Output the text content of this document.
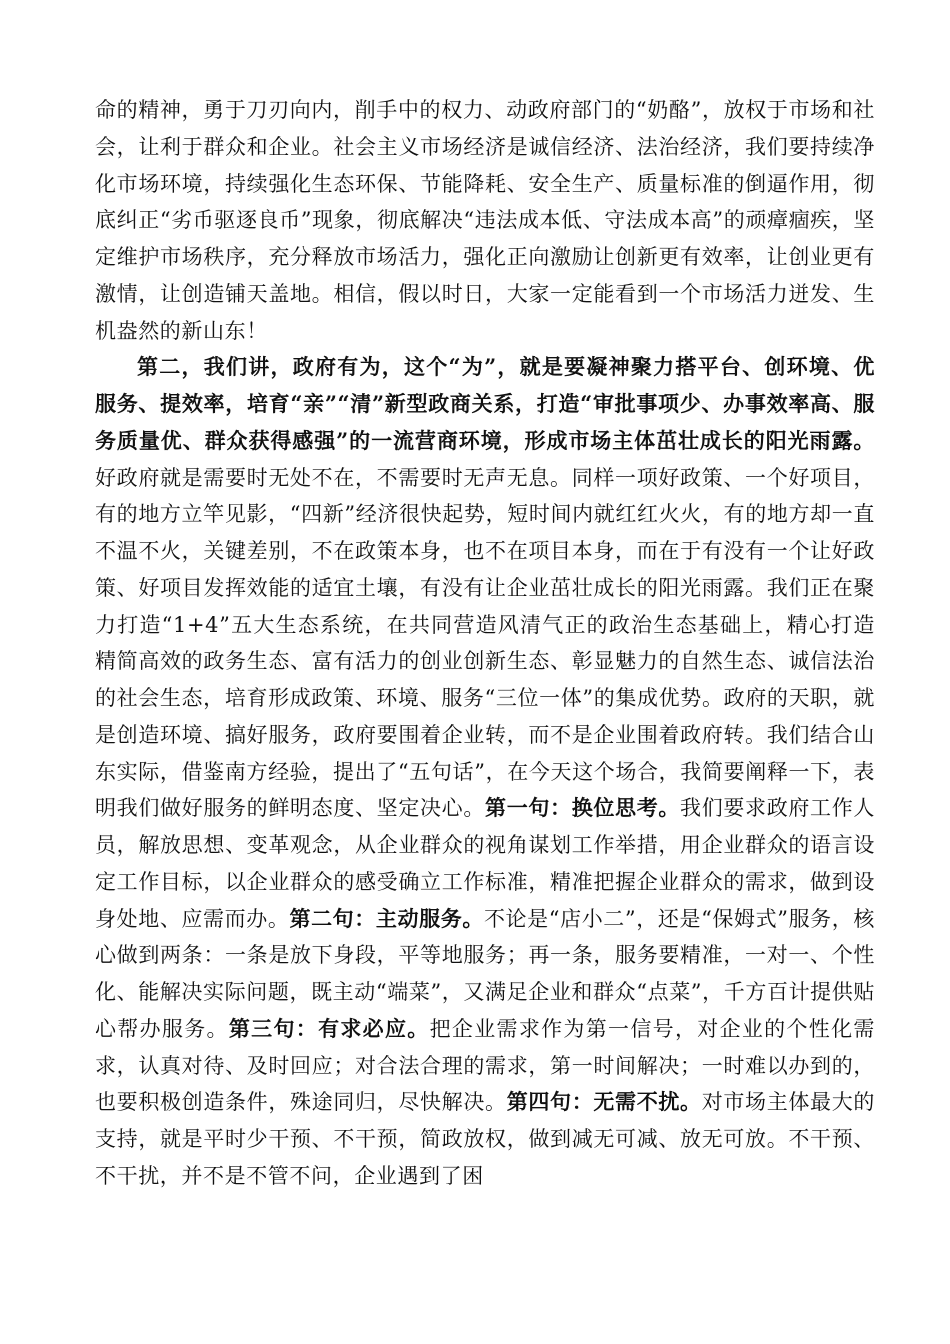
命的精神，勇于刀刃向内，削手中的权力、动政府部门的“奶酪”，放权于市场和社会，让利于群众和企业。社会主义市场经济是诚信经济、法治经济，我们要持续净化市场环境，持续强化生态环保、节能降耗、安全生产、质量标准的倒逼作用，彻底纠正“劣币驱逐良币”现象，彻底解决“违法成本低、守法成本高”的顽瘴痼疾，坚定维护市场秩序，充分释放市场活力，强化正向激励让创新更有效率，让创业更有激情，让创造铺天盖地。相信，假以时日，大家一定能看到一个市场活力迸发、生机盎然的新山东！

第二，我们讲，政府有为，这个“为”，就是要凝神聚力搭平台、创环境、优服务、提效率，培育“亲”“清”新型政商关系，打造“审批事项少、办事效率高、服务质量优、群众获得感强”的一流营商环境，形成市场主体茁壮成长的阳光雨露。好政府就是需要时无处不在，不需要时无声无息。同样一项好政策、一个好项目，有的地方立竿见影，“四新”经济很快起势，短时间内就红红火火，有的地方却一直不温不火，关键差别，不在政策本身，也不在项目本身，而在于有没有一个让好政策、好项目发挥效能的适宜土壤，有没有让企业茁壮成长的阳光雨露。我们正在聚力打造“1+4”五大生态系统，在共同营造风清气正的政治生态基础上，精心打造精简高效的政务生态、富有活力的创业创新生态、彰显魅力的自然生态、诚信法治的社会生态，培育形成政策、环境、服务“三位一体”的集成优势。政府的天职，就是创造环境、搞好服务，政府要围着企业转，而不是企业围着政府转。我们结合山东实际，借鉴南方经验，提出了“五句话”，在今天这个场合，我简要阐释一下，表明我们做好服务的鲜明态度、坚定决心。第一句：换位思考。我们要求政府工作人员，解放思想、变革观念，从企业群众的视角谋划工作举措，用企业群众的语言设定工作目标，以企业群众的感受确立工作标准，精准把握企业群众的需求，做到设身处地、应需而办。第二句：主动服务。不论是“店小二”，还是“保姆式”服务，核心做到两条：一条是放下身段，平等地服务；再一条，服务要精准，一对一、个性化、能解决实际问题，既主动“端菜”，又满足企业和群众“点菜”，千方百计提供贴心帮办服务。第三句：有求必应。把企业需求作为第一信号，对企业的个性化需求，认真对待、及时回应；对合法合理的需求，第一时间解决；一时难以办到的，也要积极创造条件，殊途同归，尽快解决。第四句：无需不扰。对市场主体最大的支持，就是平时少干预、不干预，简政放权，做到减无可减、放无可放。不干预、不干扰，并不是不管不问，企业遇到了困
